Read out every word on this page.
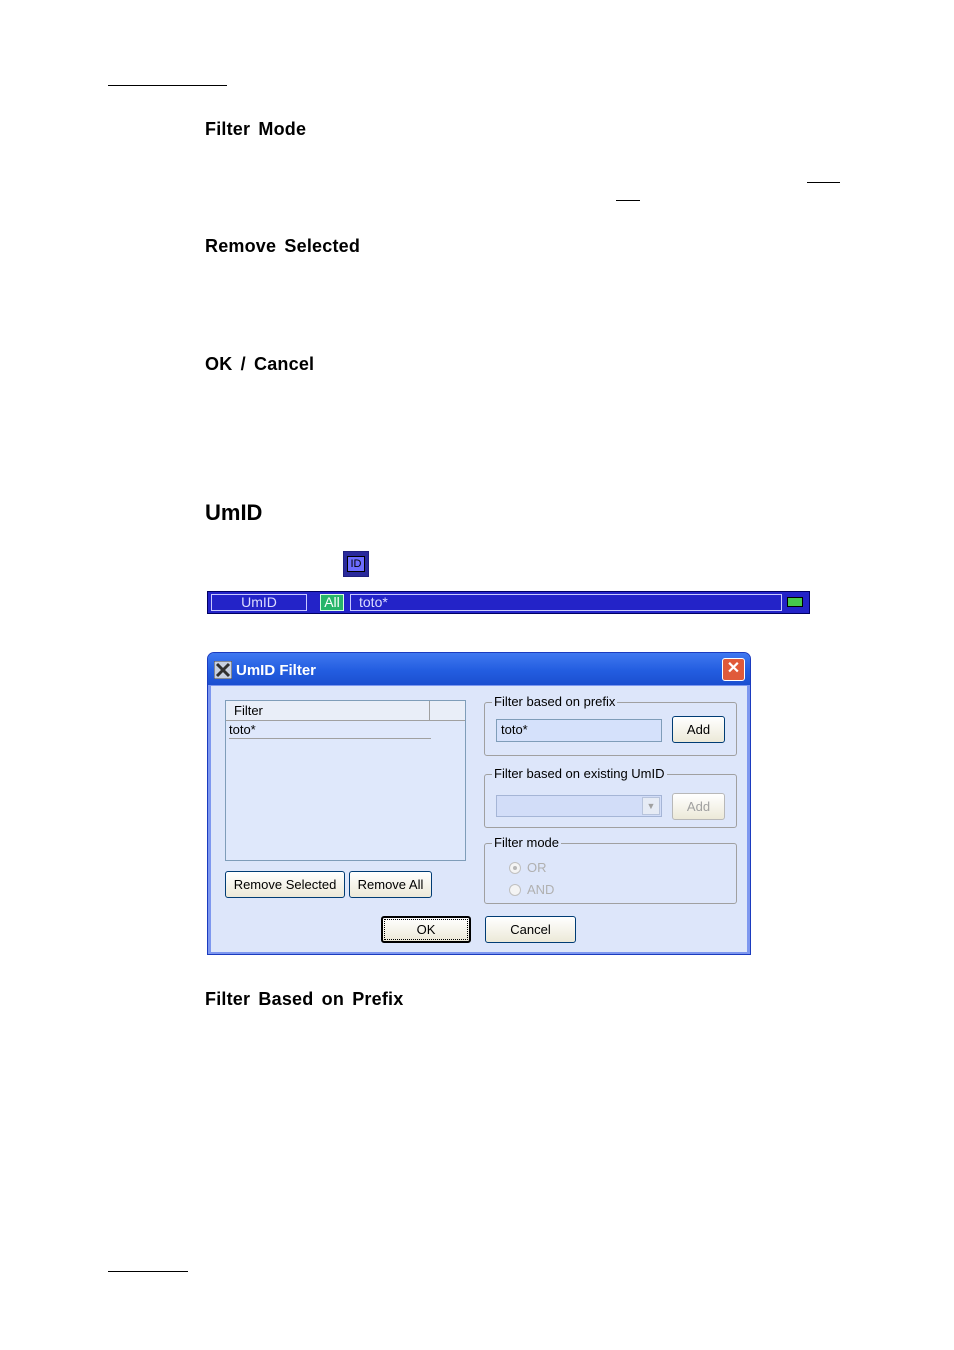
Filter Mode
Remove Selected
OK / Cancel
UmID
ID
UmID	All	toto*
UmID Filter	✕
Filter
toto*
Remove Selected	Remove All
OK	Cancel
Filter based on prefix
toto*	Add
Filter based on existing UmID
▼	Add
Filter mode
OR
AND
Filter Based on Prefix
